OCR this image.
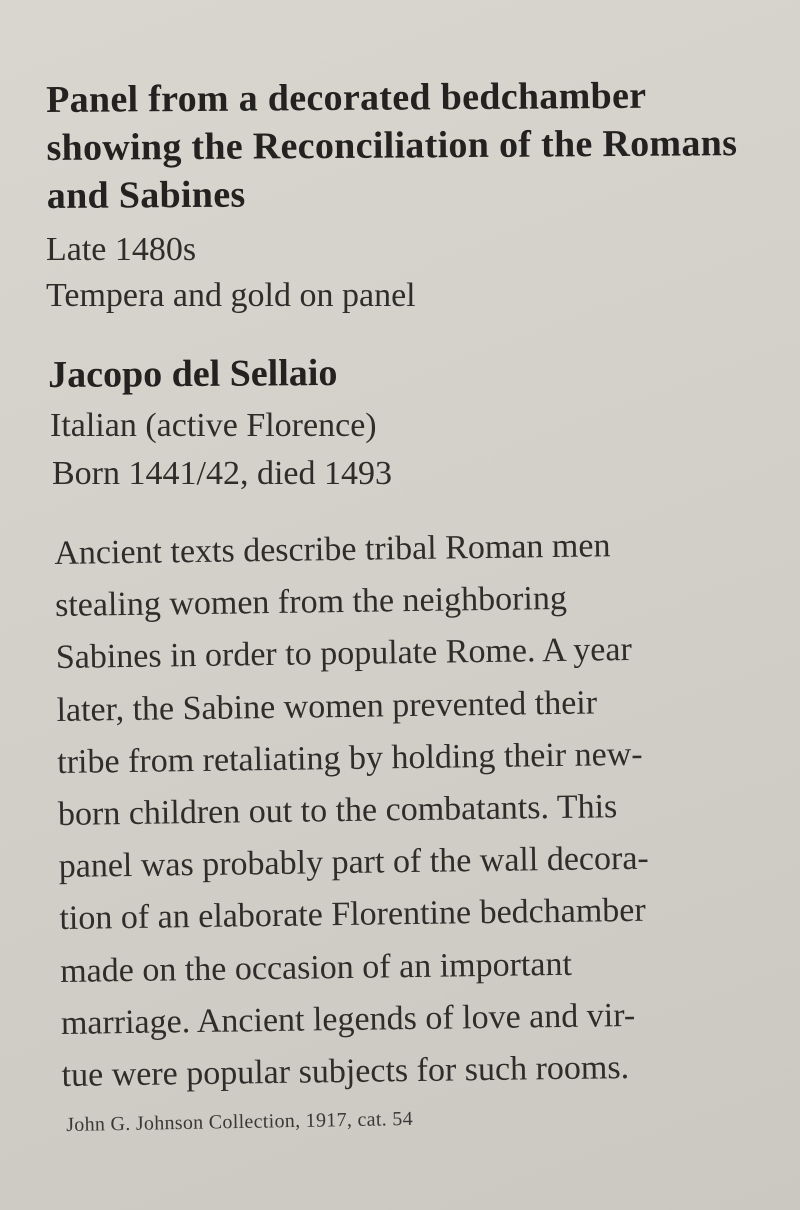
Panel from a decorated bedchamber showing the Reconciliation of the Romans and Sabines
Late 1480s
Tempera and gold on panel
Jacopo del Sellaio
Italian (active Florence)
Born 1441/42, died 1493

Ancient texts describe tribal Roman men
stealing women from the neighboring
Sabines in order to populate Rome. A year
later, the Sabine women prevented their
tribe from retaliating by holding their new-
born children out to the combatants. This
panel was probably part of the wall decora-
tion of an elaborate Florentine bedchamber
made on the occasion of an important
marriage. Ancient legends of love and vir-
tue were popular subjects for such rooms.

John G. Johnson Collection, 1917, cat. 54
